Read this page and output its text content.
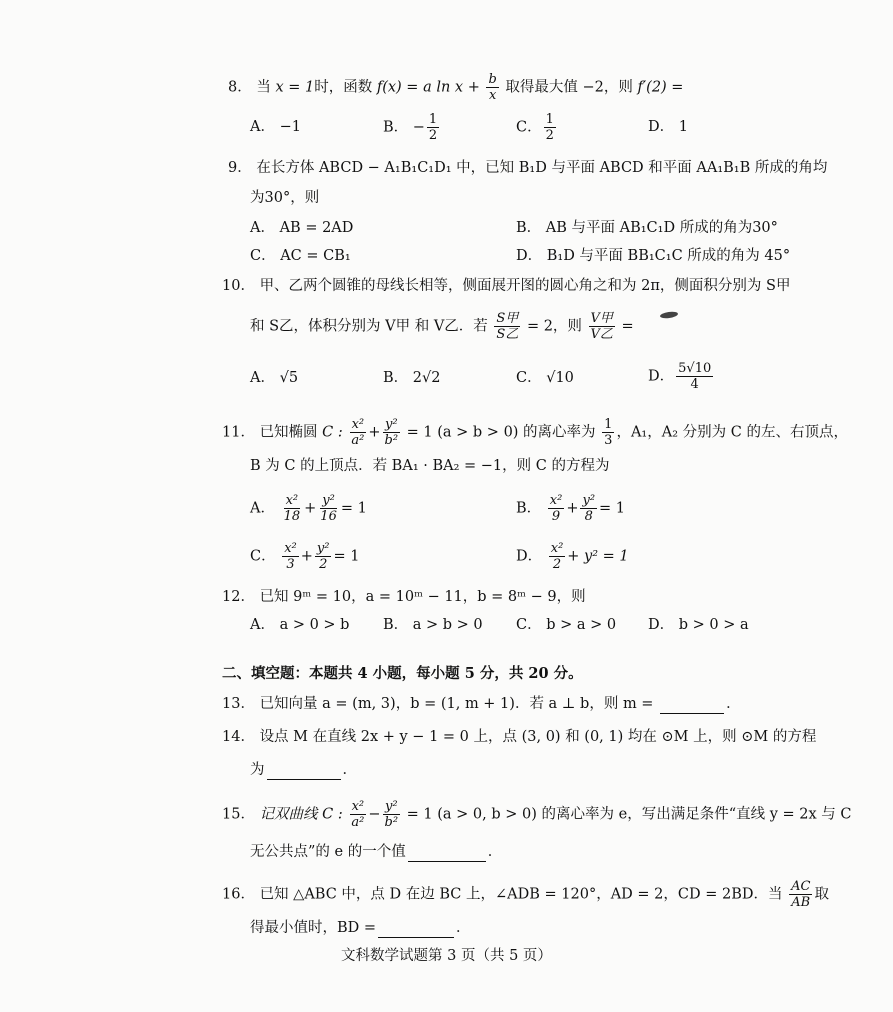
8． 当 x = 1时，函数 f(x) = a $\ln x + \frac{b}{x}$ 取得最大值 −2，则 f′(2) =
A． −1	B． − $\frac{1}{2}$	C． $\frac{1}{2}$	D． 1
9． 在长方体 ABCD − A₁B₁C₁D₁ 中，已知 B₁D 与平面 ABCD 和平面 AA₁B₁B 所成的角均
为30°，则
A． AB = 2AD	B． AB 与平面 AB₁C₁D 所成的角为30°
C． AC = CB₁	D． B₁D 与平面 BB₁C₁C 所成的角为 45°
10． 甲、乙两个圆锥的母线长相等，侧面展开图的圆心角之和为 2π，侧面积分别为 S甲
和 S乙，体积分别为 V甲 和 V乙．若 $\frac{\text{S甲}}{\text{S乙}} = 2$，则 $\frac{\text{V甲}}{\text{V乙}}$ =
A． √5	B． 2√2	C． √10	D． $\frac{5√10}{4}$
11． 已知椭圆 C : $\frac{\text{x²}}{\text{a²}} + \frac{\text{y²}}{\text{b²}} = 1$ (a > b > 0) 的离心率为 $\frac{1}{3}$ ，A₁，A₂ 分别为 C 的左、右顶点，
B 为 C 的上顶点．若 BA₁ · BA₂ = −1，则 C 的方程为
A． $\frac{\text{x²}}{18} + \frac{\text{y²}}{16} = 1$	B． $\frac{\text{x²}}{9} + \frac{\text{y²}}{8} = 1$
C． $\frac{\text{x²}}{3} + \frac{\text{y²}}{2} = 1$	D． $\frac{\text{x²}}{2} + y^2 = 1$
12． 已知 9ᵐ = 10，a = 10ᵐ − 11，b = 8ᵐ − 9，则
A． a > 0 > b B． a > b > 0 C． b > a > 0 D． b > 0 > a
二、填空题：本题共 4 小题，每小题 5 分，共 20 分。
13． 已知向量 a = (m, 3)，b = (1, m + 1)．若 a ⊥ b，则 m =	．
14． 设点 M 在直线 2x + y − 1 = 0 上，点 (3, 0) 和 (0, 1) 均在 ⊙M 上，则 ⊙M 的方程
为	．
15． 记双曲线 C : $\frac{\text{x²}}{\text{a²}} - \frac{\text{y²}}{\text{b²}} = 1$ (a > 0, b > 0) 的离心率为 e，写出满足条件“直线 y = 2x 与 C
无公共点”的 e 的一个值	．
16． 已知 △ABC 中，点 D 在边 BC 上，∠ADB = 120°，AD = 2，CD = 2BD．当 $\frac{AC}{AB}$ 取
得最小值时，BD =	．
文科数学试题第 3 页（共 5 页）
